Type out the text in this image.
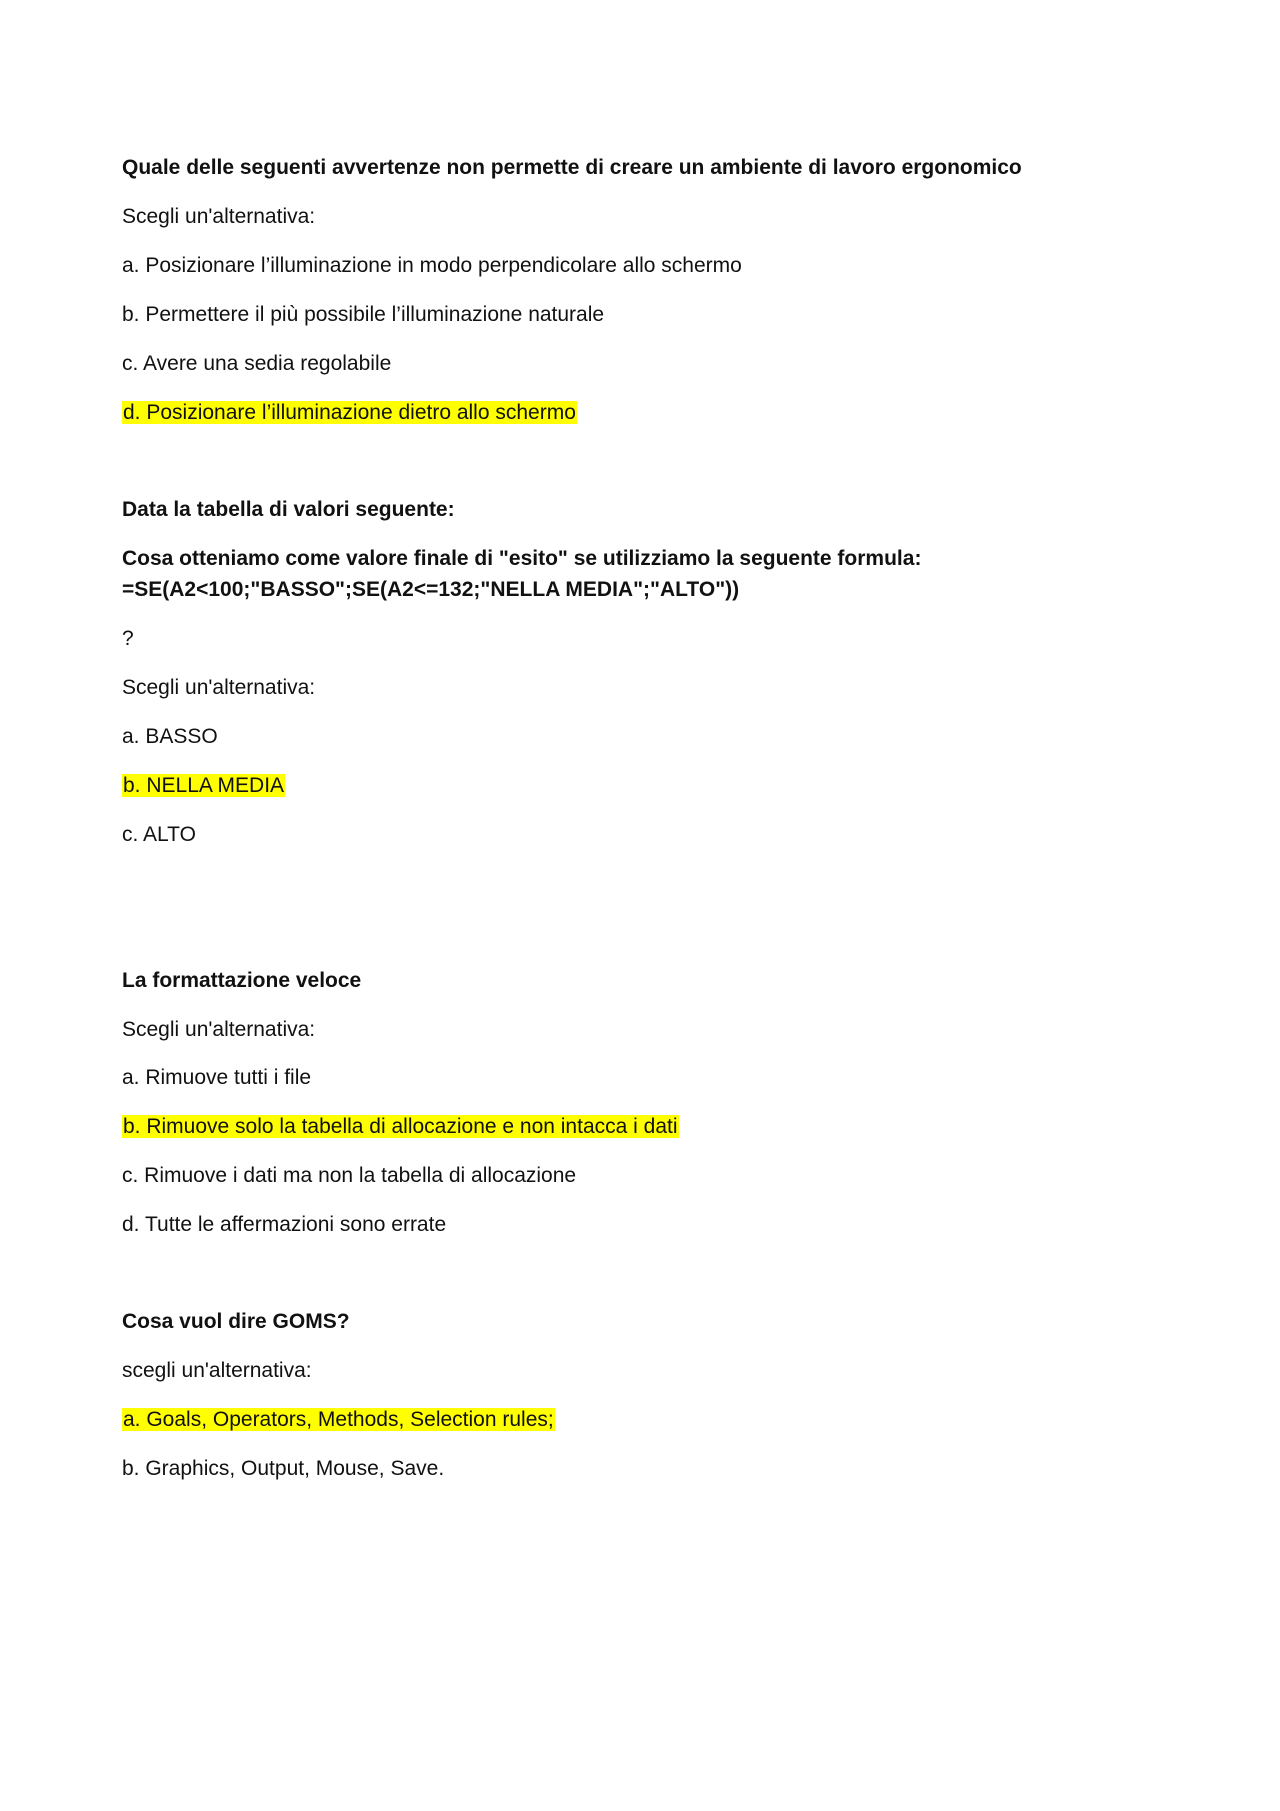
Quale delle seguenti avvertenze non permette di creare un ambiente di lavoro ergonomico
Scegli un'alternativa:
a. Posizionare l’illuminazione in modo perpendicolare allo schermo
b. Permettere il più possibile l’illuminazione naturale
c. Avere una sedia regolabile
d. Posizionare l’illuminazione dietro allo schermo
Data la tabella di valori seguente:
Cosa otteniamo come valore finale di "esito" se utilizziamo la seguente formula:
=SE(A2<100;"BASSO";SE(A2<=132;"NELLA MEDIA";"ALTO"))
?
Scegli un'alternativa:
a. BASSO
b. NELLA MEDIA
c. ALTO
La formattazione veloce
Scegli un'alternativa:
a. Rimuove tutti i file
b. Rimuove solo la tabella di allocazione e non intacca i dati
c. Rimuove i dati ma non la tabella di allocazione
d. Tutte le affermazioni sono errate
Cosa vuol dire GOMS?
scegli un'alternativa:
a. Goals, Operators, Methods, Selection rules;
b. Graphics, Output, Mouse, Save.
